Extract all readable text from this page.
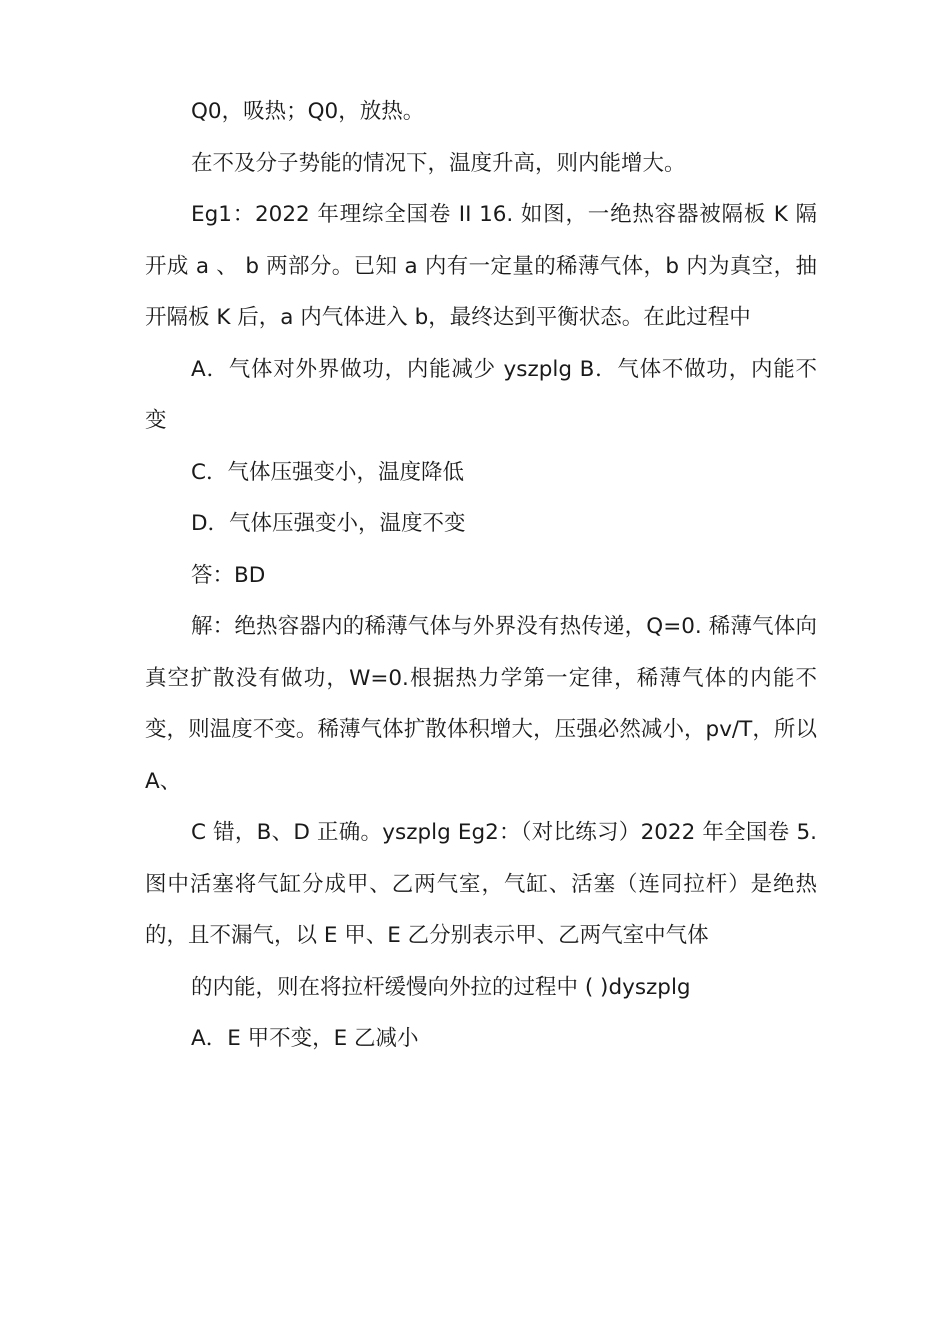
Q0，吸热；Q0，放热。

在不及分子势能的情况下，温度升高，则内能增大。

Eg1：2022 年理综全国卷 II 16. 如图，一绝热容器被隔板 K 隔开成 a 、 b 两部分。已知 a 内有一定量的稀薄气体，b 内为真空，抽开隔板 K 后，a 内气体进入 b，最终达到平衡状态。在此过程中

A．气体对外界做功，内能减少 yszplg B．气体不做功，内能不变

C．气体压强变小，温度降低

D．气体压强变小，温度不变

答：BD

解：绝热容器内的稀薄气体与外界没有热传递，Q=0. 稀薄气体向真空扩散没有做功，W=0.根据热力学第一定律，稀薄气体的内能不变，则温度不变。稀薄气体扩散体积增大，压强必然减小，pv/T，所以 A、

C 错，B、D 正确。yszplg Eg2：（对比练习）2022 年全国卷 5. 图中活塞将气缸分成甲、乙两气室，气缸、活塞（连同拉杆）是绝热的，且不漏气，以 E 甲、E 乙分别表示甲、乙两气室中气体

的内能，则在将拉杆缓慢向外拉的过程中 ( )dyszplg

A．E 甲不变，E 乙减小
